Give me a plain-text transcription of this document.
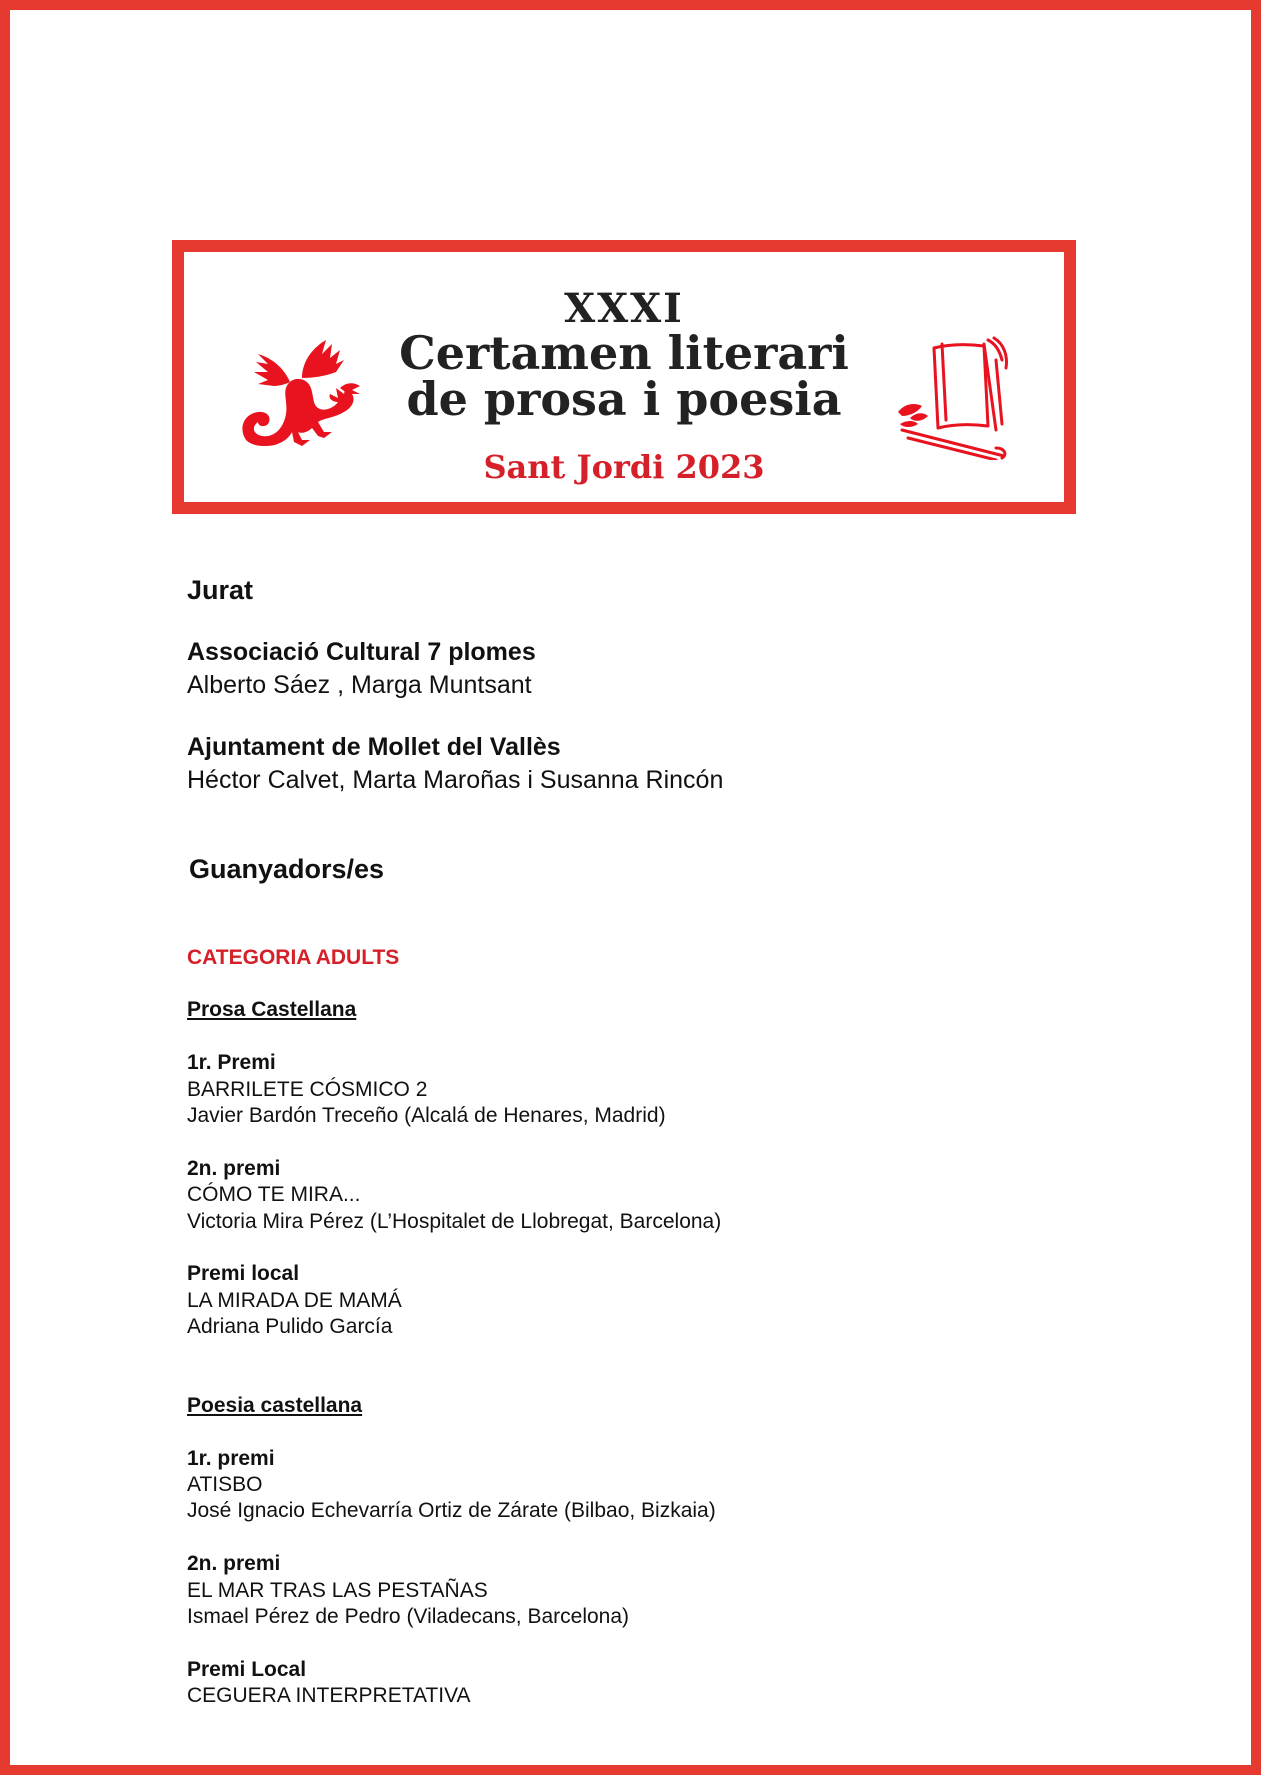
XXXI
Certamen literari
de prosa i poesia
Sant Jordi 2023
Jurat
Associació Cultural 7 plomes
Alberto Sáez , Marga Muntsant
Ajuntament de Mollet del Vallès
Héctor Calvet, Marta Maroñas i Susanna Rincón
Guanyadors/es
CATEGORIA ADULTS
Prosa Castellana
1r. Premi
BARRILETE CÓSMICO 2
Javier Bardón Treceño (Alcalá de Henares, Madrid)
2n. premi
CÓMO TE MIRA...
Victoria Mira Pérez (L’Hospitalet de Llobregat, Barcelona)
Premi local
LA MIRADA DE MAMÁ
Adriana Pulido García
Poesia castellana
1r. premi
ATISBO
José Ignacio Echevarría Ortiz de Zárate (Bilbao, Bizkaia)
2n. premi
EL MAR TRAS LAS PESTAÑAS
Ismael Pérez de Pedro (Viladecans, Barcelona)
Premi Local
CEGUERA INTERPRETATIVA
